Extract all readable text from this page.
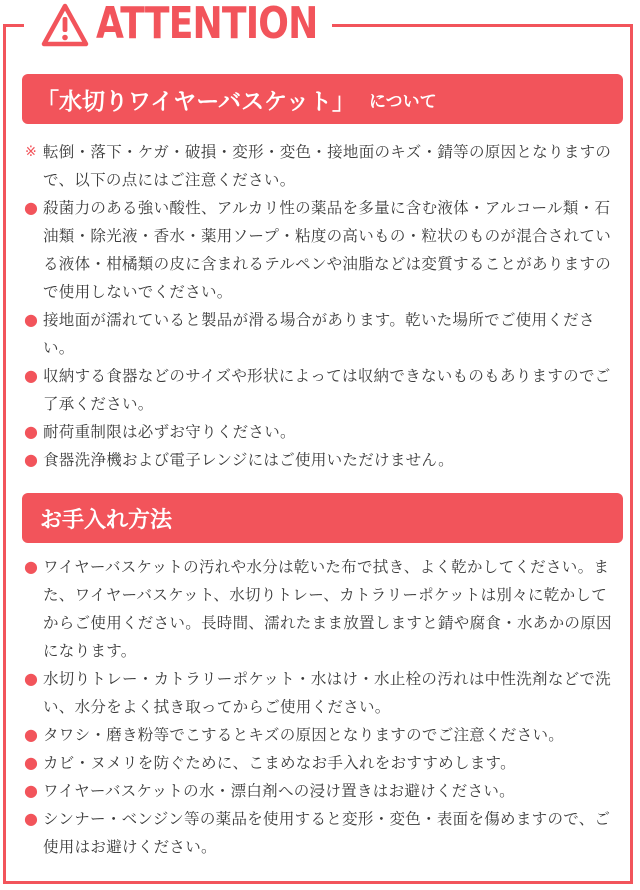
ATTENTION
「水切りワイヤーバスケット」 について
※ 転倒・落下・ケガ・破損・変形・変色・接地面のキズ・錆等の原因となりますので、以下の点にはご注意ください。
● 殺菌力のある強い酸性、アルカリ性の薬品を多量に含む液体・アルコール類・石油類・除光液・香水・薬用ソープ・粘度の高いもの・粒状のものが混合されている液体・柑橘類の皮に含まれるテルペンや油脂などは変質することがありますので使用しないでください。
● 接地面が濡れていると製品が滑る場合があります。乾いた場所でご使用ください。
● 収納する食器などのサイズや形状によっては収納できないものもありますのでご了承ください。
● 耐荷重制限は必ずお守りください。
● 食器洗浄機および電子レンジにはご使用いただけません。
お手入れ方法
● ワイヤーバスケットの汚れや水分は乾いた布で拭き、よく乾かしてください。また、ワイヤーバスケット、水切りトレー、カトラリーポケットは別々に乾かしてからご使用ください。長時間、濡れたまま放置しますと錆や腐食・水あかの原因になります。
● 水切りトレー・カトラリーポケット・水はけ・水止栓の汚れは中性洗剤などで洗い、水分をよく拭き取ってからご使用ください。
● タワシ・磨き粉等でこするとキズの原因となりますのでご注意ください。
● カビ・ヌメリを防ぐために、こまめなお手入れをおすすめします。
● ワイヤーバスケットの水・漂白剤への浸け置きはお避けください。
● シンナー・ベンジン等の薬品を使用すると変形・変色・表面を傷めますので、ご使用はお避けください。
